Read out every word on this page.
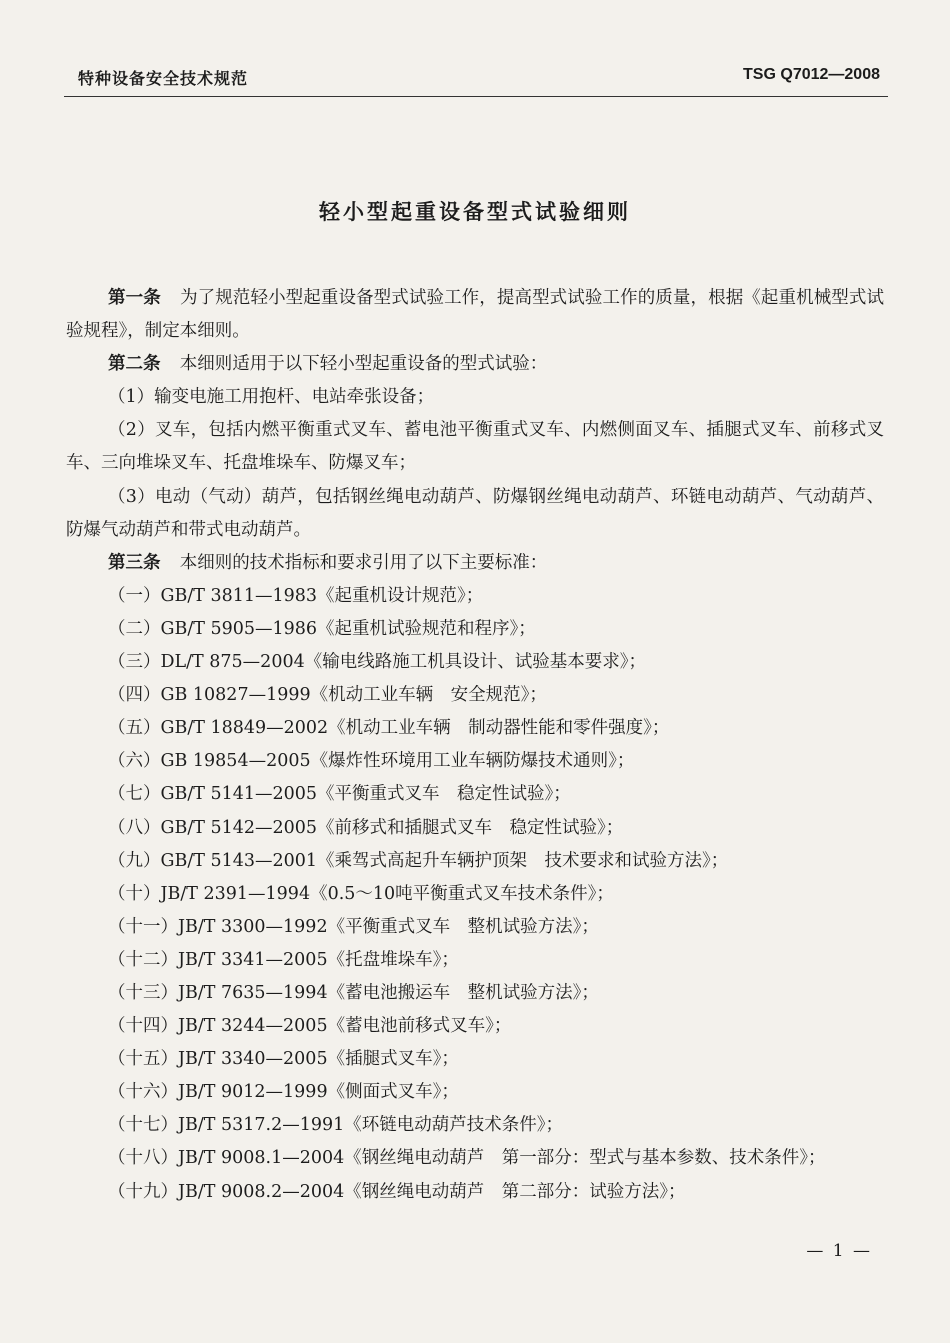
特种设备安全技术规范	TSG Q7012—2008
轻小型起重设备型式试验细则

第一条 为了规范轻小型起重设备型式试验工作，提高型式试验工作的质量，根据《起重机械型式试验规程》，制定本细则。

第二条 本细则适用于以下轻小型起重设备的型式试验：

（1）输变电施工用抱杆、电站牵张设备；

（2）叉车，包括内燃平衡重式叉车、蓄电池平衡重式叉车、内燃侧面叉车、插腿式叉车、前移式叉车、三向堆垛叉车、托盘堆垛车、防爆叉车；

（3）电动（气动）葫芦，包括钢丝绳电动葫芦、防爆钢丝绳电动葫芦、环链电动葫芦、气动葫芦、防爆气动葫芦和带式电动葫芦。

第三条 本细则的技术指标和要求引用了以下主要标准：

（一）GB/T 3811—1983《起重机设计规范》；

（二）GB/T 5905—1986《起重机试验规范和程序》；

（三）DL/T 875—2004《输电线路施工机具设计、试验基本要求》；

（四）GB 10827—1999《机动工业车辆　安全规范》；

（五）GB/T 18849—2002《机动工业车辆　制动器性能和零件强度》；

（六）GB 19854—2005《爆炸性环境用工业车辆防爆技术通则》；

（七）GB/T 5141—2005《平衡重式叉车　稳定性试验》；

（八）GB/T 5142—2005《前移式和插腿式叉车　稳定性试验》；

（九）GB/T 5143—2001《乘驾式高起升车辆护顶架　技术要求和试验方法》；

（十）JB/T 2391—1994《0.5～10吨平衡重式叉车技术条件》；

（十一）JB/T 3300—1992《平衡重式叉车　整机试验方法》；

（十二）JB/T 3341—2005《托盘堆垛车》；

（十三）JB/T 7635—1994《蓄电池搬运车　整机试验方法》；

（十四）JB/T 3244—2005《蓄电池前移式叉车》；

（十五）JB/T 3340—2005《插腿式叉车》；

（十六）JB/T 9012—1999《侧面式叉车》；

（十七）JB/T 5317.2—1991《环链电动葫芦技术条件》；

（十八）JB/T 9008.1—2004《钢丝绳电动葫芦　第一部分：型式与基本参数、技术条件》；

（十九）JB/T 9008.2—2004《钢丝绳电动葫芦　第二部分：试验方法》；

— 1 —
